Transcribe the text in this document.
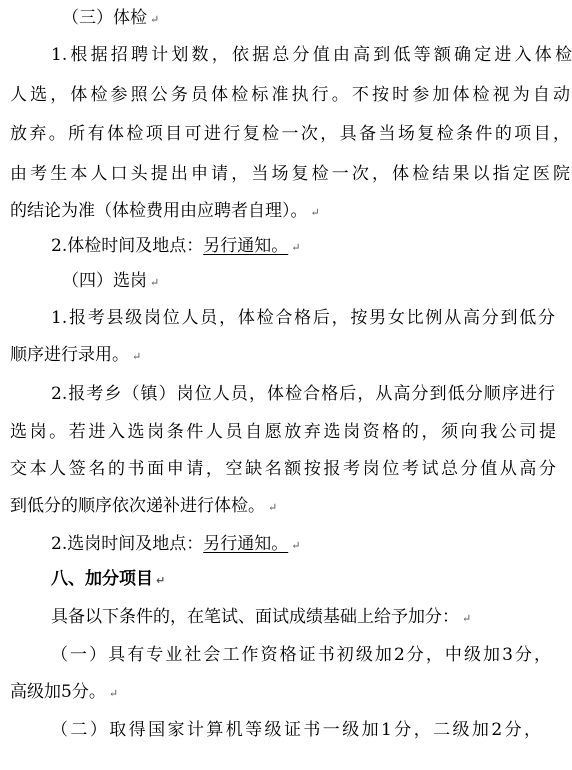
（三）体检 ↵
1.根据招聘计划数，依据总分值由高到低等额确定进入体检
人选，体检参照公务员体检标准执行。不按时参加体检视为自动
放弃。所有体检项目可进行复检一次，具备当场复检条件的项目，
由考生本人口头提出申请，当场复检一次，体检结果以指定医院
的结论为准（体检费用由应聘者自理）。 ↵
2.体检时间及地点：另行通知。 ↵
（四）选岗 ↵
1.报考县级岗位人员，体检合格后，按男女比例从高分到低分
顺序进行录用。 ↵
2.报考乡（镇）岗位人员，体检合格后，从高分到低分顺序进行
选岗。若进入选岗条件人员自愿放弃选岗资格的，须向我公司提
交本人签名的书面申请，空缺名额按报考岗位考试总分值从高分
到低分的顺序依次递补进行体检。 ↵
2.选岗时间及地点：另行通知。 ↵
八、加分项目 ↵
具备以下条件的，在笔试、面试成绩基础上给予加分： ↵
（一）具有专业社会工作资格证书初级加2分，中级加3分，
高级加5分。 ↵
（二）取得国家计算机等级证书一级加1分，二级加2分，
